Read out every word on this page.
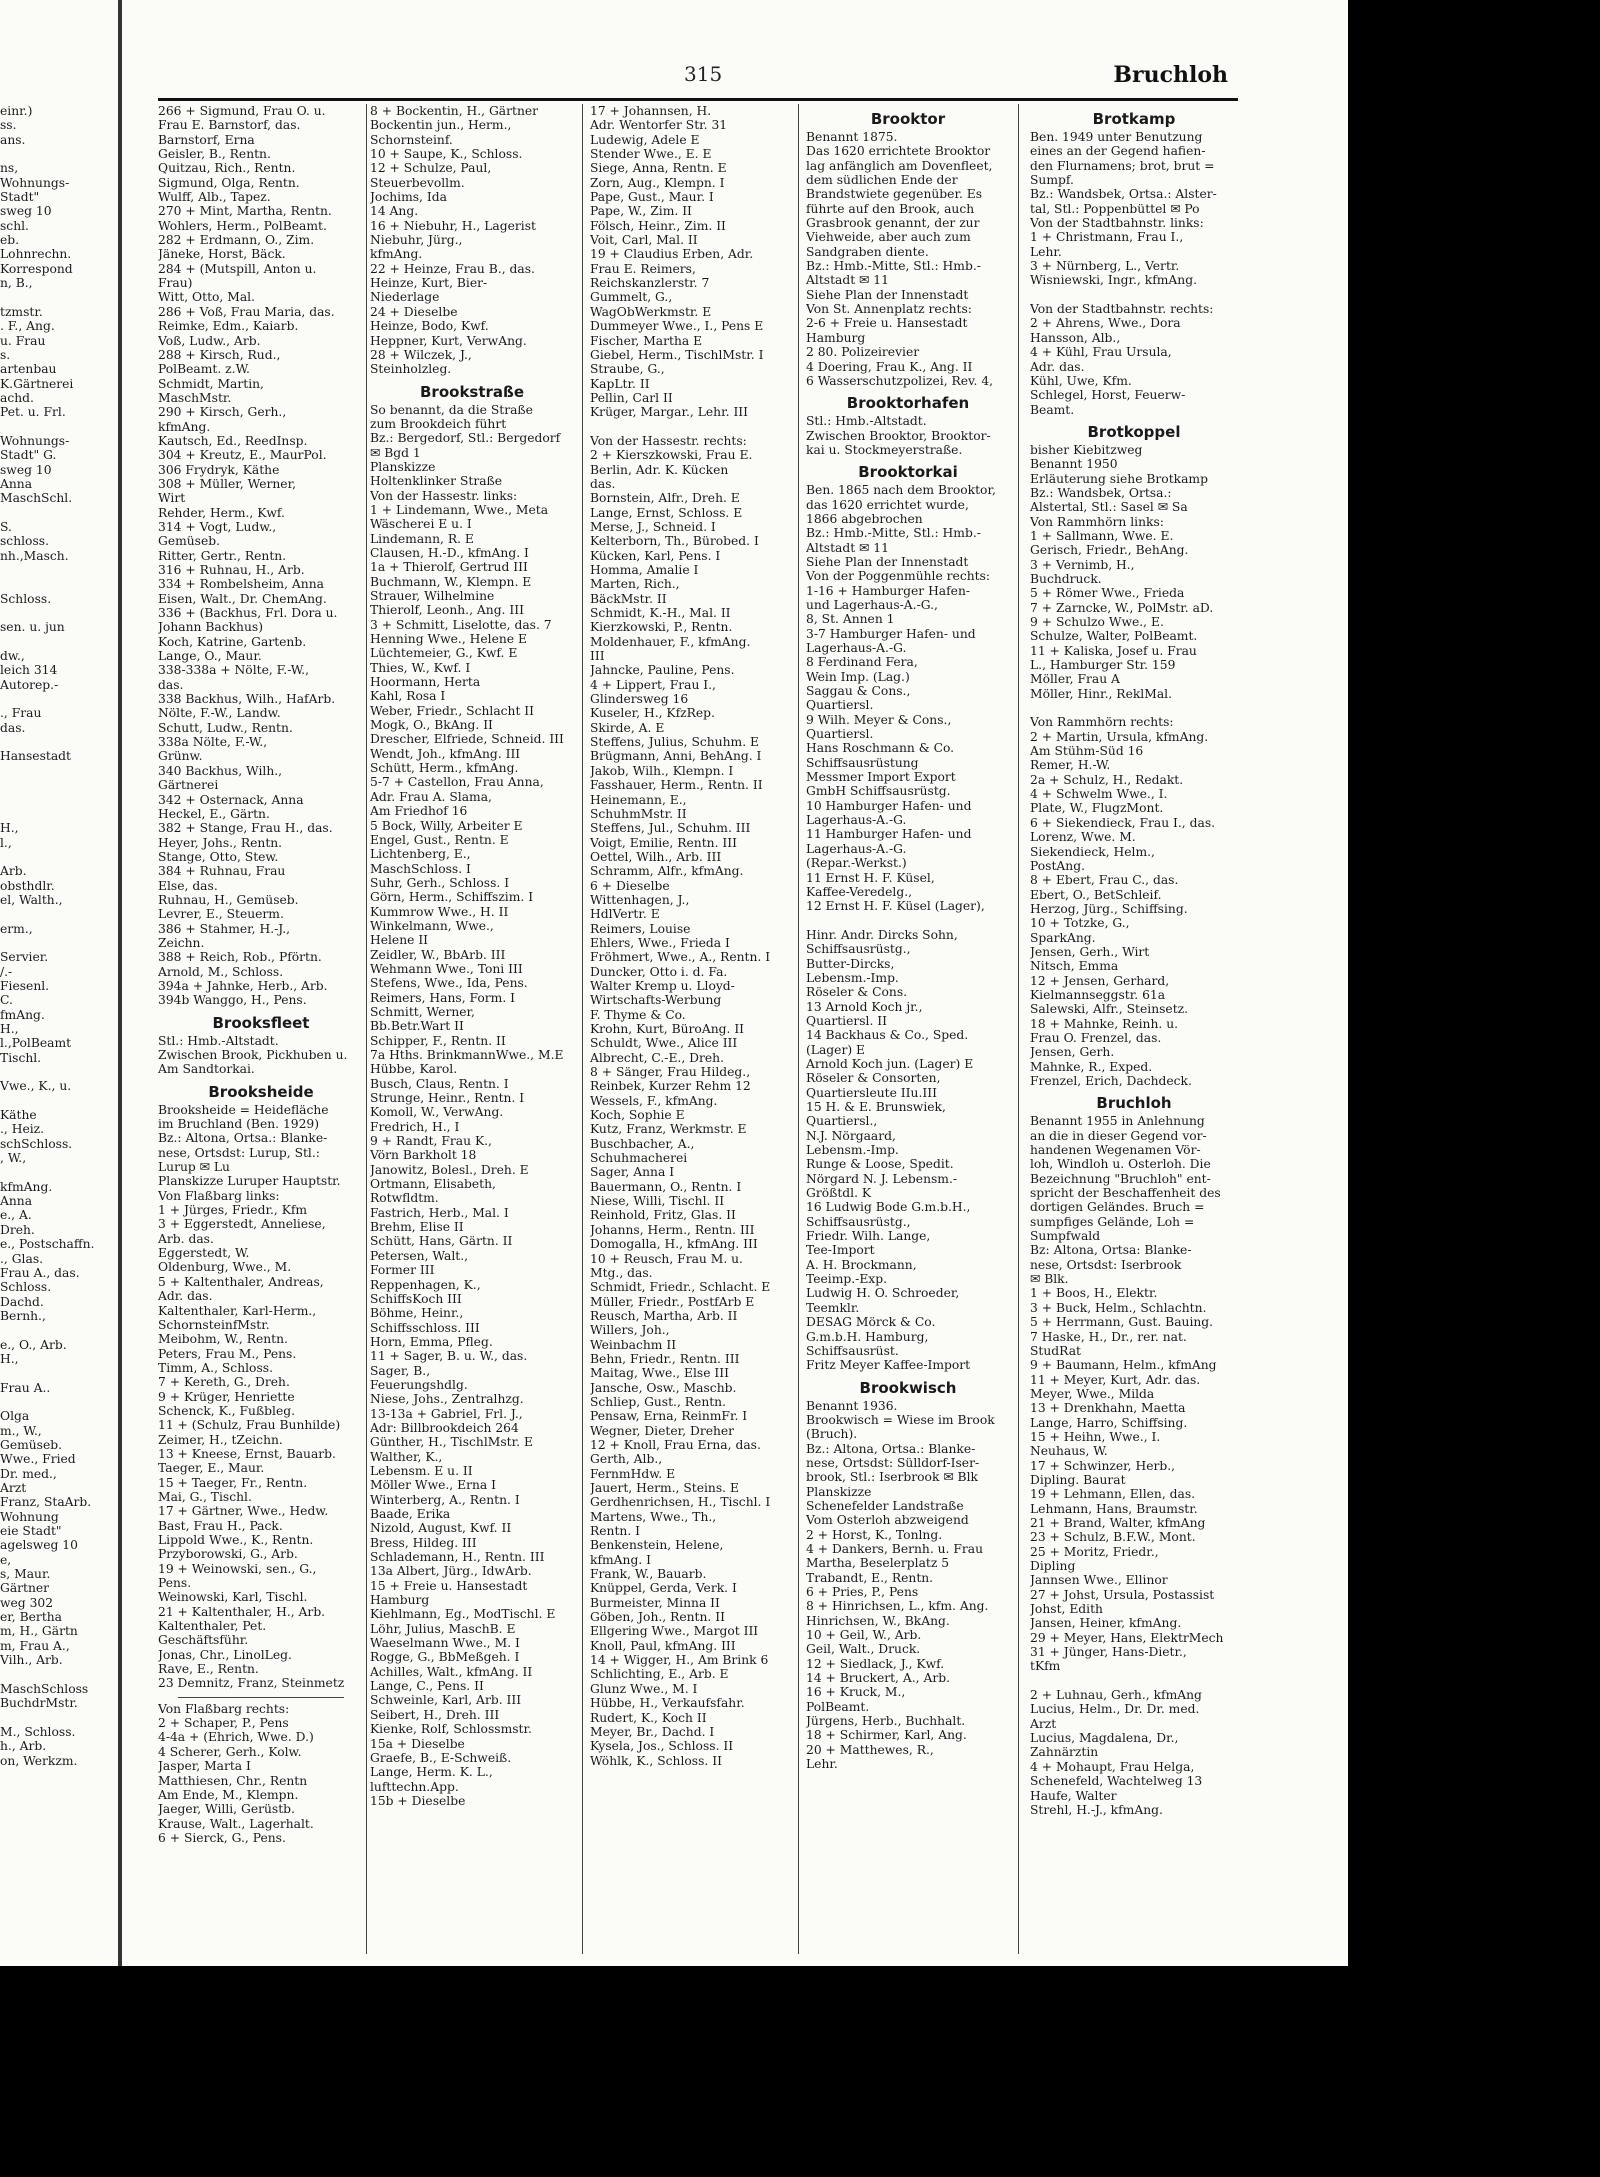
315	Bruchloh
einr.)
ss.
ans.

ns,
Wohnungs-
Stadt"
sweg 10
schl.
eb.
Lohnrechn.
Korrespond
n, B.,

tzmstr.
. F., Ang.
u. Frau
s.
artenbau
K.Gärtnerei
achd.
Pet. u. Frl.

Wohnungs-
Stadt" G.
sweg 10
Anna
MaschSchl.

S.
schloss.
nh.,Masch.

Schloss.

sen. u. jun

dw.,
leich 314
Autorep.-

., Frau
das.

Hansestadt

H.,
l.,

Arb.
obsthdlr.
el, Walth.,

erm.,

Servier.
/.-
Fiesenl.
C.
fmAng.
H.,
l.,PolBeamt
Tischl.

Vwe., K., u.

Käthe
., Heiz.
schSchloss.
, W.,

kfmAng.
Anna
e., A.
Dreh.
e., Postschaffn.
., Glas.
Frau A., das.
Schloss.
Dachd.
Bernh.,

e., O., Arb.
H.,

Frau A..

Olga
m., W.,
Gemüseb.
Wwe., Fried
Dr. med.,
Arzt
Franz, StaArb.
Wohnung
eie Stadt"
agelsweg 10
e,
s, Maur.
Gärtner
weg 302
er, Bertha
m, H., Gärtn
m, Frau A.,
Vilh., Arb.

MaschSchloss
BuchdrMstr.

M., Schloss.
h., Arb.
on, Werkzm.
266 + Sigmund, Frau O. u.
Frau E. Barnstorf, das.
Barnstorf, Erna
Geisler, B., Rentn.
Quitzau, Rich., Rentn.
Sigmund, Olga, Rentn.
Wulff, Alb., Tapez.
270 + Mint, Martha, Rentn.
Wohlers, Herm., PolBeamt.
282 + Erdmann, O., Zim.
Jäneke, Horst, Bäck.
284 + (Mutspill, Anton u.
Frau)
Witt, Otto, Mal.
286 + Voß, Frau Maria, das.
Reimke, Edm., Kaiarb.
Voß, Ludw., Arb.
288 + Kirsch, Rud.,
PolBeamt. z.W.
Schmidt, Martin,
MaschMstr.
290 + Kirsch, Gerh.,
kfmAng.
Kautsch, Ed., ReedInsp.
304 + Kreutz, E., MaurPol.
306 Frydryk, Käthe
308 + Müller, Werner,
Wirt
Rehder, Herm., Kwf.
314 + Vogt, Ludw.,
Gemüseb.
Ritter, Gertr., Rentn.
316 + Ruhnau, H., Arb.
334 + Rombelsheim, Anna
Eisen, Walt., Dr. ChemAng.
336 + (Backhus, Frl. Dora u.
Johann Backhus)
Koch, Katrine, Gartenb.
Lange, O., Maur.
338-338a + Nölte, F.-W.,
das.
338 Backhus, Wilh., HafArb.
Nölte, F.-W., Landw.
Schutt, Ludw., Rentn.
338a Nölte, F.-W.,
Grünw.
340 Backhus, Wilh.,
Gärtnerei
342 + Osternack, Anna
Heckel, E., Gärtn.
382 + Stange, Frau H., das.
Heyer, Johs., Rentn.
Stange, Otto, Stew.
384 + Ruhnau, Frau
Else, das.
Ruhnau, H., Gemüseb.
Levrer, E., Steuerm.
386 + Stahmer, H.-J.,
Zeichn.
388 + Reich, Rob., Pförtn.
Arnold, M., Schloss.
394a + Jahnke, Herb., Arb.
394b Wanggo, H., Pens.
Brooksfleet
Stl.: Hmb.-Altstadt.
Zwischen Brook, Pickhuben u.
Am Sandtorkai.
Brooksheide
Brooksheide = Heidefläche
im Bruchland (Ben. 1929)
Bz.: Altona, Ortsa.: Blanke-
nese, Ortsdst: Lurup, Stl.:
Lurup ✉ Lu
Planskizze Luruper Hauptstr.
Von Flaßbarg links:
1 + Jürges, Friedr., Kfm
3 + Eggerstedt, Anneliese,
Arb. das.
Eggerstedt, W.
Oldenburg, Wwe., M.
5 + Kaltenthaler, Andreas,
Adr. das.
Kaltenthaler, Karl-Herm.,
SchornsteinfMstr.
Meibohm, W., Rentn.
Peters, Frau M., Pens.
Timm, A., Schloss.
7 + Kereth, G., Dreh.
9 + Krüger, Henriette
Schenck, K., Fußbleg.
11 + (Schulz, Frau Bunhilde)
Zeimer, H., tZeichn.
13 + Kneese, Ernst, Bauarb.
Taeger, E., Maur.
15 + Taeger, Fr., Rentn.
Mai, G., Tischl.
17 + Gärtner, Wwe., Hedw.
Bast, Frau H., Pack.
Lippold Wwe., K., Rentn.
Przyborowski, G., Arb.
19 + Weinowski, sen., G.,
Pens.
Weinowski, Karl, Tischl.
21 + Kaltenthaler, H., Arb.
Kaltenthaler, Pet.
Geschäftsführ.
Jonas, Chr., LinolLeg.
Rave, E., Rentn.
23 Demnitz, Franz, Steinmetz
Von Flaßbarg rechts:
2 + Schaper, P., Pens
4-4a + (Ehrich, Wwe. D.)
4 Scherer, Gerh., Kolw.
Jasper, Marta I
Matthiesen, Chr., Rentn
Am Ende, M., Klempn.
Jaeger, Willi, Gerüstb.
Krause, Walt., Lagerhalt.
6 + Sierck, G., Pens.
8 + Bockentin, H., Gärtner
Bockentin jun., Herm.,
Schornsteinf.
10 + Saupe, K., Schloss.
12 + Schulze, Paul,
Steuerbevollm.
Jochims, Ida
14 Ang.
16 + Niebuhr, H., Lagerist
Niebuhr, Jürg.,
kfmAng.
22 + Heinze, Frau B., das.
Heinze, Kurt, Bier-
Niederlage
24 + Dieselbe
Heinze, Bodo, Kwf.
Heppner, Kurt, VerwAng.
28 + Wilczek, J.,
Steinholzleg.
Brookstraße
So benannt, da die Straße
zum Brookdeich führt
Bz.: Bergedorf, Stl.: Bergedorf
✉ Bgd 1
Planskizze
Holtenklinker Straße
Von der Hassestr. links:
1 + Lindemann, Wwe., Meta
Wäscherei E u. I
Lindemann, R. E
Clausen, H.-D., kfmAng. I
1a + Thierolf, Gertrud III
Buchmann, W., Klempn. E
Strauer, Wilhelmine
Thierolf, Leonh., Ang. III
3 + Schmitt, Liselotte, das. 7
Henning Wwe., Helene E
Lüchtemeier, G., Kwf. E
Thies, W., Kwf. I
Hoormann, Herta
Kahl, Rosa I
Weber, Friedr., Schlacht II
Mogk, O., BkAng. II
Drescher, Elfriede, Schneid. III
Wendt, Joh., kfmAng. III
Schütt, Herm., kfmAng.
5-7 + Castellon, Frau Anna,
Adr. Frau A. Slama,
Am Friedhof 16
5 Bock, Willy, Arbeiter E
Engel, Gust., Rentn. E
Lichtenberg, E.,
MaschSchloss. I
Suhr, Gerh., Schloss. I
Görn, Herm., Schiffszim. I
Kummrow Wwe., H. II
Winkelmann, Wwe.,
Helene II
Zeidler, W., BbArb. III
Wehmann Wwe., Toni III
Stefens, Wwe., Ida, Pens.
Reimers, Hans, Form. I
Schmitt, Werner,
Bb.Betr.Wart II
Schipper, F., Rentn. II
7a Hths. BrinkmannWwe., M.E
Hübbe, Karol.
Busch, Claus, Rentn. I
Strunge, Heinr., Rentn. I
Komoll, W., VerwAng.
Fredrich, H., I
9 + Randt, Frau K.,
Vörn Barkholt 18
Janowitz, Bolesl., Dreh. E
Ortmann, Elisabeth,
Rotwfldtm.
Fastrich, Herb., Mal. I
Brehm, Elise II
Schütt, Hans, Gärtn. II
Petersen, Walt.,
Former III
Reppenhagen, K.,
SchiffsKoch III
Böhme, Heinr.,
Schiffsschloss. III
Horn, Emma, Pfleg.
11 + Sager, B. u. W., das.
Sager, B.,
Feuerungshdlg.
Niese, Johs., Zentralhzg.
13-13a + Gabriel, Frl. J.,
Adr: Billbrookdeich 264
Günther, H., TischlMstr. E
Walther, K.,
Lebensm. E u. II
Möller Wwe., Erna I
Winterberg, A., Rentn. I
Baade, Erika
Nizold, August, Kwf. II
Bress, Hildeg. III
Schlademann, H., Rentn. III
13a Albert, Jürg., IdwArb.
15 + Freie u. Hansestadt
Hamburg
Kiehlmann, Eg., ModTischl. E
Löhr, Julius, MaschB. E
Waeselmann Wwe., M. I
Rogge, G., BbMeßgeh. I
Achilles, Walt., kfmAng. II
Lange, C., Pens. II
Schweinle, Karl, Arb. III
Seibert, H., Dreh. III
Kienke, Rolf, Schlossmstr.
15a + Dieselbe
Graefe, B., E-Schweiß.
Lange, Herm. K. L.,
lufttechn.App.
15b + Dieselbe
17 + Johannsen, H.
Adr. Wentorfer Str. 31
Ludewig, Adele E
Stender Wwe., E. E
Siege, Anna, Rentn. E
Zorn, Aug., Klempn. I
Pape, Gust., Maur. I
Pape, W., Zim. II
Fölsch, Heinr., Zim. II
Voit, Carl, Mal. II
19 + Claudius Erben, Adr.
Frau E. Reimers,
Reichskanzlerstr. 7
Gummelt, G.,
WagObWerkmstr. E
Dummeyer Wwe., I., Pens E
Fischer, Martha E
Giebel, Herm., TischlMstr. I
Straube, G.,
KapLtr. II
Pellin, Carl II
Krüger, Margar., Lehr. III

Von der Hassestr. rechts:
2 + Kierszkowski, Frau E.
Berlin, Adr. K. Kücken
das.
Bornstein, Alfr., Dreh. E
Lange, Ernst, Schloss. E
Merse, J., Schneid. I
Kelterborn, Th., Bürobed. I
Kücken, Karl, Pens. I
Homma, Amalie I
Marten, Rich.,
BäckMstr. II
Schmidt, K.-H., Mal. II
Kierzkowski, P., Rentn.
Moldenhauer, F., kfmAng.
III
Jahncke, Pauline, Pens.
4 + Lippert, Frau I.,
Glindersweg 16
Kuseler, H., KfzRep.
Skirde, A. E
Steffens, Julius, Schuhm. E
Brügmann, Anni, BehAng. I
Jakob, Wilh., Klempn. I
Fasshauer, Herm., Rentn. II
Heinemann, E.,
SchuhmMstr. II
Steffens, Jul., Schuhm. III
Voigt, Emilie, Rentn. III
Oettel, Wilh., Arb. III
Schramm, Alfr., kfmAng.
6 + Dieselbe
Wittenhagen, J.,
HdlVertr. E
Reimers, Louise
Ehlers, Wwe., Frieda I
Fröhmert, Wwe., A., Rentn. I
Duncker, Otto i. d. Fa.
Walter Kremp u. Lloyd-
Wirtschafts-Werbung
F. Thyme & Co.
Krohn, Kurt, BüroAng. II
Schuldt, Wwe., Alice III
Albrecht, C.-E., Dreh.
8 + Sänger, Frau Hildeg.,
Reinbek, Kurzer Rehm 12
Wessels, F., kfmAng.
Koch, Sophie E
Kutz, Franz, Werkmstr. E
Buschbacher, A.,
Schuhmacherei
Sager, Anna I
Bauermann, O., Rentn. I
Niese, Willi, Tischl. II
Reinhold, Fritz, Glas. II
Johanns, Herm., Rentn. III
Domogalla, H., kfmAng. III
10 + Reusch, Frau M. u.
Mtg., das.
Schmidt, Friedr., Schlacht. E
Müller, Friedr., PostfArb E
Reusch, Martha, Arb. II
Willers, Joh.,
Weinbachm II
Behn, Friedr., Rentn. III
Maitag, Wwe., Else III
Jansche, Osw., Maschb.
Schliep, Gust., Rentn.
Pensaw, Erna, ReinmFr. I
Wegner, Dieter, Dreher
12 + Knoll, Frau Erna, das.
Gerth, Alb.,
FernmHdw. E
Jauert, Herm., Steins. E
Gerdhenrichsen, H., Tischl. I
Martens, Wwe., Th.,
Rentn. I
Benkenstein, Helene,
kfmAng. I
Frank, W., Bauarb.
Knüppel, Gerda, Verk. I
Burmeister, Minna II
Göben, Joh., Rentn. II
Ellgering Wwe., Margot III
Knoll, Paul, kfmAng. III
14 + Wigger, H., Am Brink 6
Schlichting, E., Arb. E
Glunz Wwe., M. I
Hübbe, H., Verkaufsfahr.
Rudert, K., Koch II
Meyer, Br., Dachd. I
Kysela, Jos., Schloss. II
Wöhlk, K., Schloss. II
Brooktor
Benannt 1875.
Das 1620 errichtete Brooktor
lag anfänglich am Dovenfleet,
dem südlichen Ende der
Brandstwiete gegenüber. Es
führte auf den Brook, auch
Grasbrook genannt, der zur
Viehweide, aber auch zum
Sandgraben diente.
Bz.: Hmb.-Mitte, Stl.: Hmb.-
Altstadt ✉ 11
Siehe Plan der Innenstadt
Von St. Annenplatz rechts:
2-6 + Freie u. Hansestadt
Hamburg
2 80. Polizeirevier
4 Doering, Frau K., Ang. II
6 Wasserschutzpolizei, Rev. 4,
Brooktorhafen
Stl.: Hmb.-Altstadt.
Zwischen Brooktor, Brooktor-
kai u. Stockmeyerstraße.
Brooktorkai
Ben. 1865 nach dem Brooktor,
das 1620 errichtet wurde,
1866 abgebrochen
Bz.: Hmb.-Mitte, Stl.: Hmb.-
Altstadt ✉ 11
Siehe Plan der Innenstadt
Von der Poggenmühle rechts:
1-16 + Hamburger Hafen-
und Lagerhaus-A.-G.,
8, St. Annen 1
3-7 Hamburger Hafen- und
Lagerhaus-A.-G.
8 Ferdinand Fera,
Wein Imp. (Lag.)
Saggau & Cons.,
Quartiersl.
9 Wilh. Meyer & Cons.,
Quartiersl.
Hans Roschmann & Co.
Schiffsausrüstung
Messmer Import Export
GmbH Schiffsausrüstg.
10 Hamburger Hafen- und
Lagerhaus-A.-G.
11 Hamburger Hafen- und
Lagerhaus-A.-G.
(Repar.-Werkst.)
11 Ernst H. F. Küsel,
Kaffee-Veredelg.,
12 Ernst H. F. Küsel (Lager),

Hinr. Andr. Dircks Sohn,
Schiffsausrüstg.,
Butter-Dircks,
Lebensm.-Imp.
Röseler & Cons.
13 Arnold Koch jr.,
Quartiersl. II
14 Backhaus & Co., Sped.
(Lager) E
Arnold Koch jun. (Lager) E
Röseler & Consorten,
Quartiersleute IIu.III
15 H. & E. Brunswiek,
Quartiersl.,
N.J. Nörgaard,
Lebensm.-Imp.
Runge & Loose, Spedit.
Nörgard N. J. Lebensm.-
Größtdl. K
16 Ludwig Bode G.m.b.H.,
Schiffsausrüstg.,
Friedr. Wilh. Lange,
Tee-Import
A. H. Brockmann,
Teeimp.-Exp.
Ludwig H. O. Schroeder,
Teemklr.
DESAG Mörck & Co.
G.m.b.H. Hamburg,
Schiffsausrüst.
Fritz Meyer Kaffee-Import
Brookwisch
Benannt 1936.
Brookwisch = Wiese im Brook
(Bruch).
Bz.: Altona, Ortsa.: Blanke-
nese, Ortsdst: Sülldorf-Iser-
brook, Stl.: Iserbrook ✉ Blk
Planskizze
Schenefelder Landstraße
Vom Osterloh abzweigend
2 + Horst, K., Tonlng.
4 + Dankers, Bernh. u. Frau
Martha, Beselerplatz 5
Trabandt, E., Rentn.
6 + Pries, P., Pens
8 + Hinrichsen, L., kfm. Ang.
Hinrichsen, W., BkAng.
10 + Geil, W., Arb.
Geil, Walt., Druck.
12 + Siedlack, J., Kwf.
14 + Bruckert, A., Arb.
16 + Kruck, M.,
PolBeamt.
Jürgens, Herb., Buchhalt.
18 + Schirmer, Karl, Ang.
20 + Matthewes, R.,
Lehr.
Brotkamp
Ben. 1949 unter Benutzung
eines an der Gegend hafien-
den Flurnamens; brot, brut =
Sumpf.
Bz.: Wandsbek, Ortsa.: Alster-
tal, Stl.: Poppenbüttel ✉ Po
Von der Stadtbahnstr. links:
1 + Christmann, Frau I.,
Lehr.
3 + Nürnberg, L., Vertr.
Wisniewski, Ingr., kfmAng.

Von der Stadtbahnstr. rechts:
2 + Ahrens, Wwe., Dora
Hansson, Alb.,
4 + Kühl, Frau Ursula,
Adr. das.
Kühl, Uwe, Kfm.
Schlegel, Horst, Feuerw-
Beamt.
Brotkoppel
bisher Kiebitzweg
Benannt 1950
Erläuterung siehe Brotkamp
Bz.: Wandsbek, Ortsa.:
Alstertal, Stl.: Sasel ✉ Sa
Von Rammhörn links:
1 + Sallmann, Wwe. E.
Gerisch, Friedr., BehAng.
3 + Vernimb, H.,
Buchdruck.
5 + Römer Wwe., Frieda
7 + Zarncke, W., PolMstr. aD.
9 + Schulzo Wwe., E.
Schulze, Walter, PolBeamt.
11 + Kaliska, Josef u. Frau
L., Hamburger Str. 159
Möller, Frau A
Möller, Hinr., ReklMal.

Von Rammhörn rechts:
2 + Martin, Ursula, kfmAng.
Am Stühm-Süd 16
Remer, H.-W.
2a + Schulz, H., Redakt.
4 + Schwelm Wwe., I.
Plate, W., FlugzMont.
6 + Siekendieck, Frau I., das.
Lorenz, Wwe. M.
Siekendieck, Helm.,
PostAng.
8 + Ebert, Frau C., das.
Ebert, O., BetSchleif.
Herzog, Jürg., Schiffsing.
10 + Totzke, G.,
SparkAng.
Jensen, Gerh., Wirt
Nitsch, Emma
12 + Jensen, Gerhard,
Kielmannseggstr. 61a
Salewski, Alfr., Steinsetz.
18 + Mahnke, Reinh. u.
Frau O. Frenzel, das.
Jensen, Gerh.
Mahnke, R., Exped.
Frenzel, Erich, Dachdeck.
Bruchloh
Benannt 1955 in Anlehnung
an die in dieser Gegend vor-
handenen Wegenamen Vör-
loh, Windloh u. Osterloh. Die
Bezeichnung "Bruchloh" ent-
spricht der Beschaffenheit des
dortigen Geländes. Bruch =
sumpfiges Gelände, Loh =
Sumpfwald
Bz: Altona, Ortsa: Blanke-
nese, Ortsdst: Iserbrook
✉ Blk.
1 + Boos, H., Elektr.
3 + Buck, Helm., Schlachtn.
5 + Herrmann, Gust. Bauing.
7 Haske, H., Dr., rer. nat.
StudRat
9 + Baumann, Helm., kfmAng
11 + Meyer, Kurt, Adr. das.
Meyer, Wwe., Milda
13 + Drenkhahn, Maetta
Lange, Harro, Schiffsing.
15 + Heihn, Wwe., I.
Neuhaus, W.
17 + Schwinzer, Herb.,
Dipling. Baurat
19 + Lehmann, Ellen, das.
Lehmann, Hans, Braumstr.
21 + Brand, Walter, kfmAng
23 + Schulz, B.F.W., Mont.
25 + Moritz, Friedr.,
Dipling
Jannsen Wwe., Ellinor
27 + Johst, Ursula, Postassist
Johst, Edith
Jansen, Heiner, kfmAng.
29 + Meyer, Hans, ElektrMech
31 + Jünger, Hans-Dietr.,
tKfm

2 + Luhnau, Gerh., kfmAng
Lucius, Helm., Dr. Dr. med.
Arzt
Lucius, Magdalena, Dr.,
Zahnärztin
4 + Mohaupt, Frau Helga,
Schenefeld, Wachtelweg 13
Haufe, Walter
Strehl, H.-J., kfmAng.
